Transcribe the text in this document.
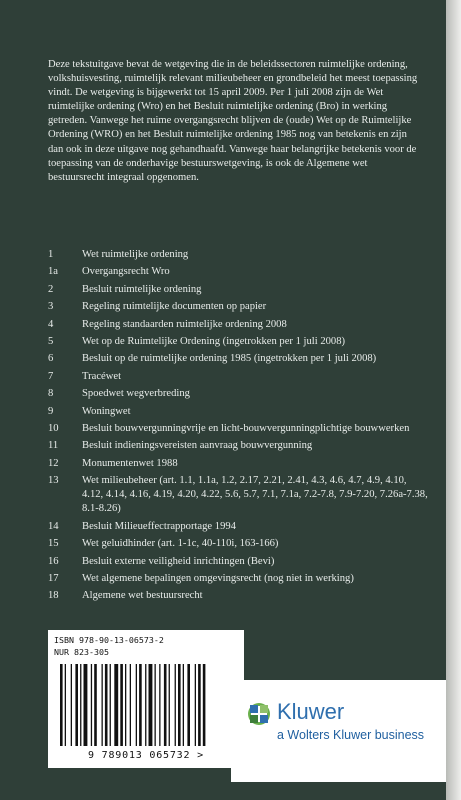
Deze tekstuitgave bevat de wetgeving die in de beleidssectoren ruimtelijke ordening, volkshuisvesting, ruimtelijk relevant milieubeheer en grondbeleid het meest toepassing vindt. De wetgeving is bijgewerkt tot 15 april 2009. Per 1 juli 2008 zijn de Wet ruimtelijke ordening (Wro) en het Besluit ruimtelijke ordening (Bro) in werking getreden. Vanwege het ruime overgangsrecht blijven de (oude) Wet op de Ruimtelijke Ordening (WRO) en het Besluit ruimtelijke ordening 1985 nog van betekenis en zijn dan ook in deze uitgave nog gehandhaafd. Vanwege haar belangrijke betekenis voor de toepassing van de onderhavige bestuurswetgeving, is ook de Algemene wet bestuursrecht integraal opgenomen.

1	Wet ruimtelijke ordening
1a	Overgangsrecht Wro
2	Besluit ruimtelijke ordening
3	Regeling ruimtelijke documenten op papier
4	Regeling standaarden ruimtelijke ordening 2008
5	Wet op de Ruimtelijke Ordening (ingetrokken per 1 juli 2008)
6	Besluit op de ruimtelijke ordening 1985 (ingetrokken per 1 juli 2008)
7	Tracéwet
8	Spoedwet wegverbreding
9	Woningwet
10	Besluit bouwvergunningvrije en licht-bouwvergunningplichtige bouwwerken
11	Besluit indieningsvereisten aanvraag bouwvergunning
12	Monumentenwet 1988
13	Wet milieubeheer (art. 1.1, 1.1a, 1.2, 2.17, 2.21, 2.41, 4.3, 4.6, 4.7, 4.9, 4.10, 4.12, 4.14, 4.16, 4.19, 4.20, 4.22, 5.6, 5.7, 7.1, 7.1a, 7.2-7.8, 7.9-7.20, 7.26a-7.38, 8.1-8.26)
14	Besluit Milieueffectrapportage 1994
15	Wet geluidhinder (art. 1-1c, 40-110i, 163-166)
16	Besluit externe veiligheid inrichtingen (Bevi)
17	Wet algemene bepalingen omgevingsrecht (nog niet in werking)
18	Algemene wet bestuursrecht
ISBN 978-90-13-06573-2
NUR 823-305
9 789013 065732 >
Kluwer
a Wolters Kluwer business
